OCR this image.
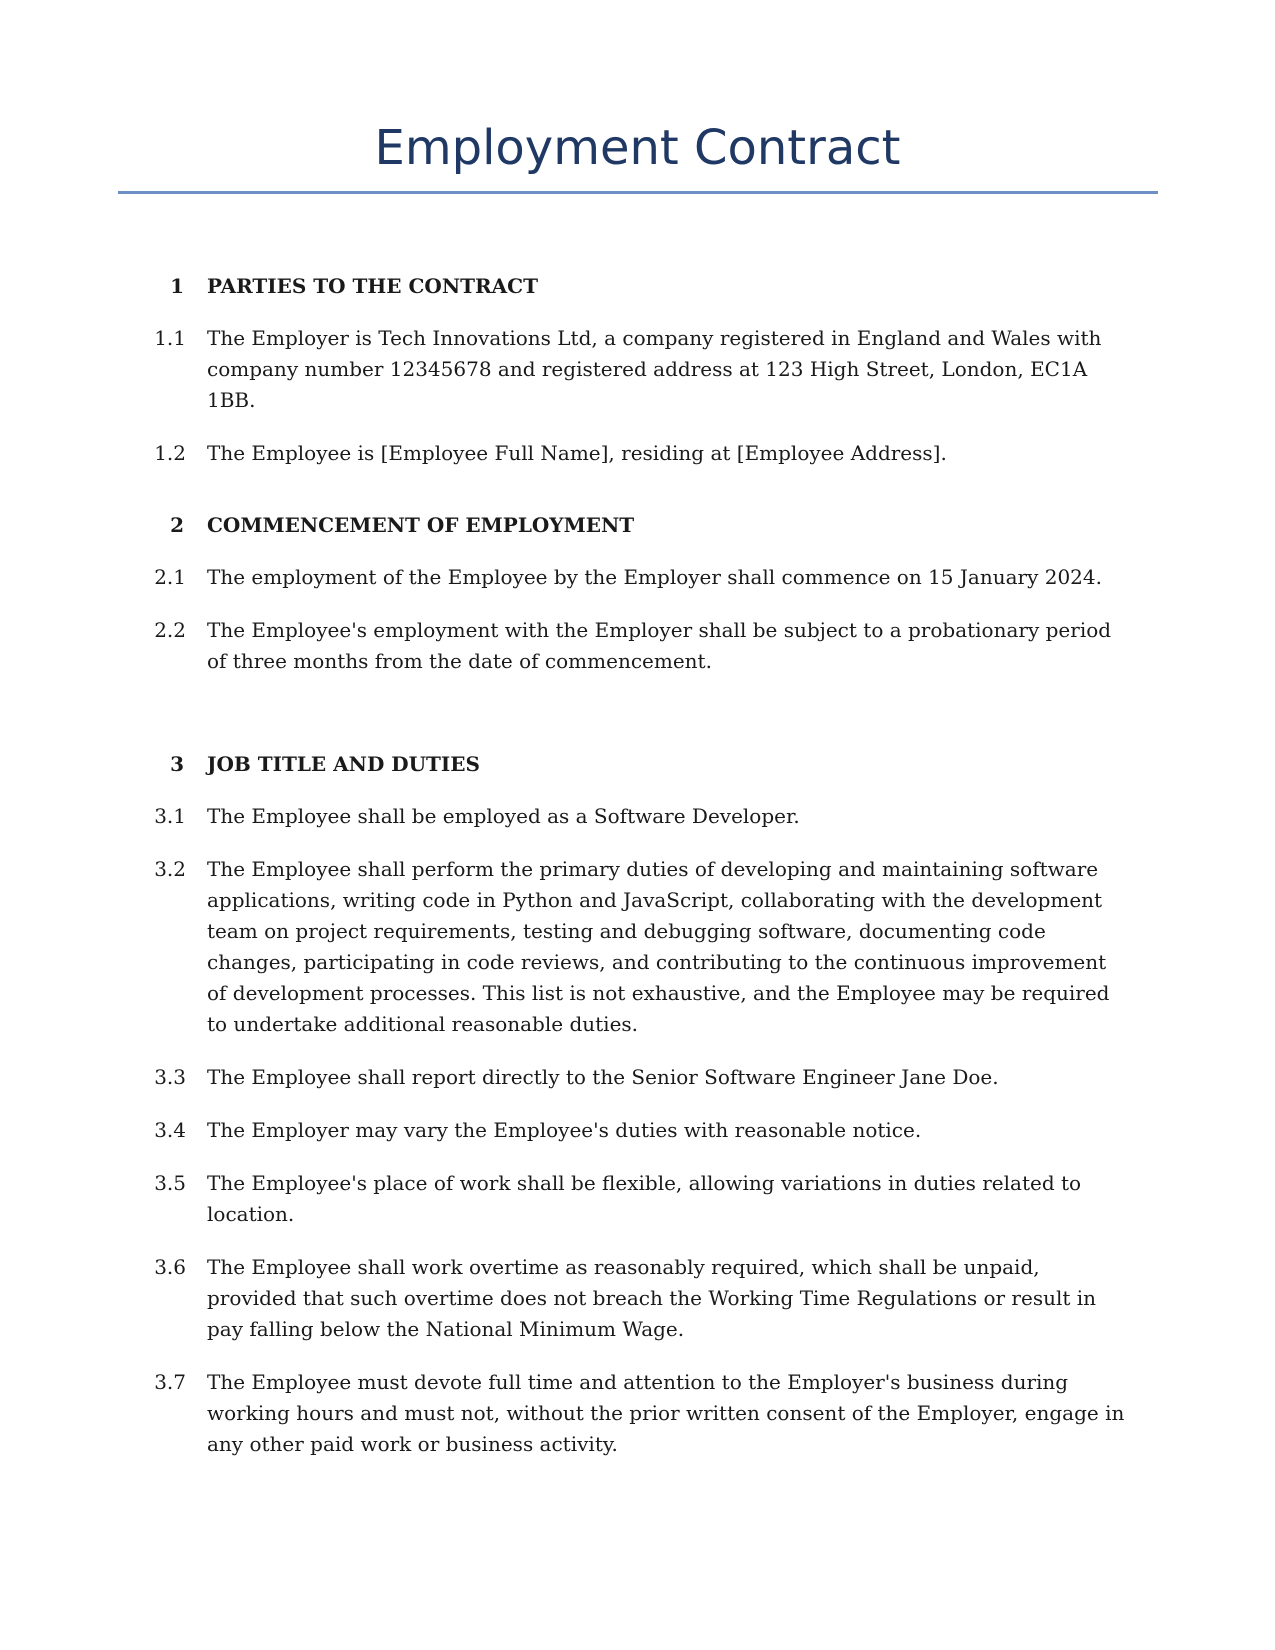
Employment Contract
1 PARTIES TO THE CONTRACT
1.1 The Employer is Tech Innovations Ltd, a company registered in England and Wales with company number 12345678 and registered address at 123 High Street, London, EC1A 1BB.
1.2 The Employee is [Employee Full Name], residing at [Employee Address].
2 COMMENCEMENT OF EMPLOYMENT
2.1 The employment of the Employee by the Employer shall commence on 15 January 2024.
2.2 The Employee's employment with the Employer shall be subject to a probationary period of three months from the date of commencement.
3 JOB TITLE AND DUTIES
3.1 The Employee shall be employed as a Software Developer.
3.2 The Employee shall perform the primary duties of developing and maintaining software applications, writing code in Python and JavaScript, collaborating with the development team on project requirements, testing and debugging software, documenting code changes, participating in code reviews, and contributing to the continuous improvement of development processes. This list is not exhaustive, and the Employee may be required to undertake additional reasonable duties.
3.3 The Employee shall report directly to the Senior Software Engineer Jane Doe.
3.4 The Employer may vary the Employee's duties with reasonable notice.
3.5 The Employee's place of work shall be flexible, allowing variations in duties related to location.
3.6 The Employee shall work overtime as reasonably required, which shall be unpaid, provided that such overtime does not breach the Working Time Regulations or result in pay falling below the National Minimum Wage.
3.7 The Employee must devote full time and attention to the Employer's business during working hours and must not, without the prior written consent of the Employer, engage in any other paid work or business activity.
